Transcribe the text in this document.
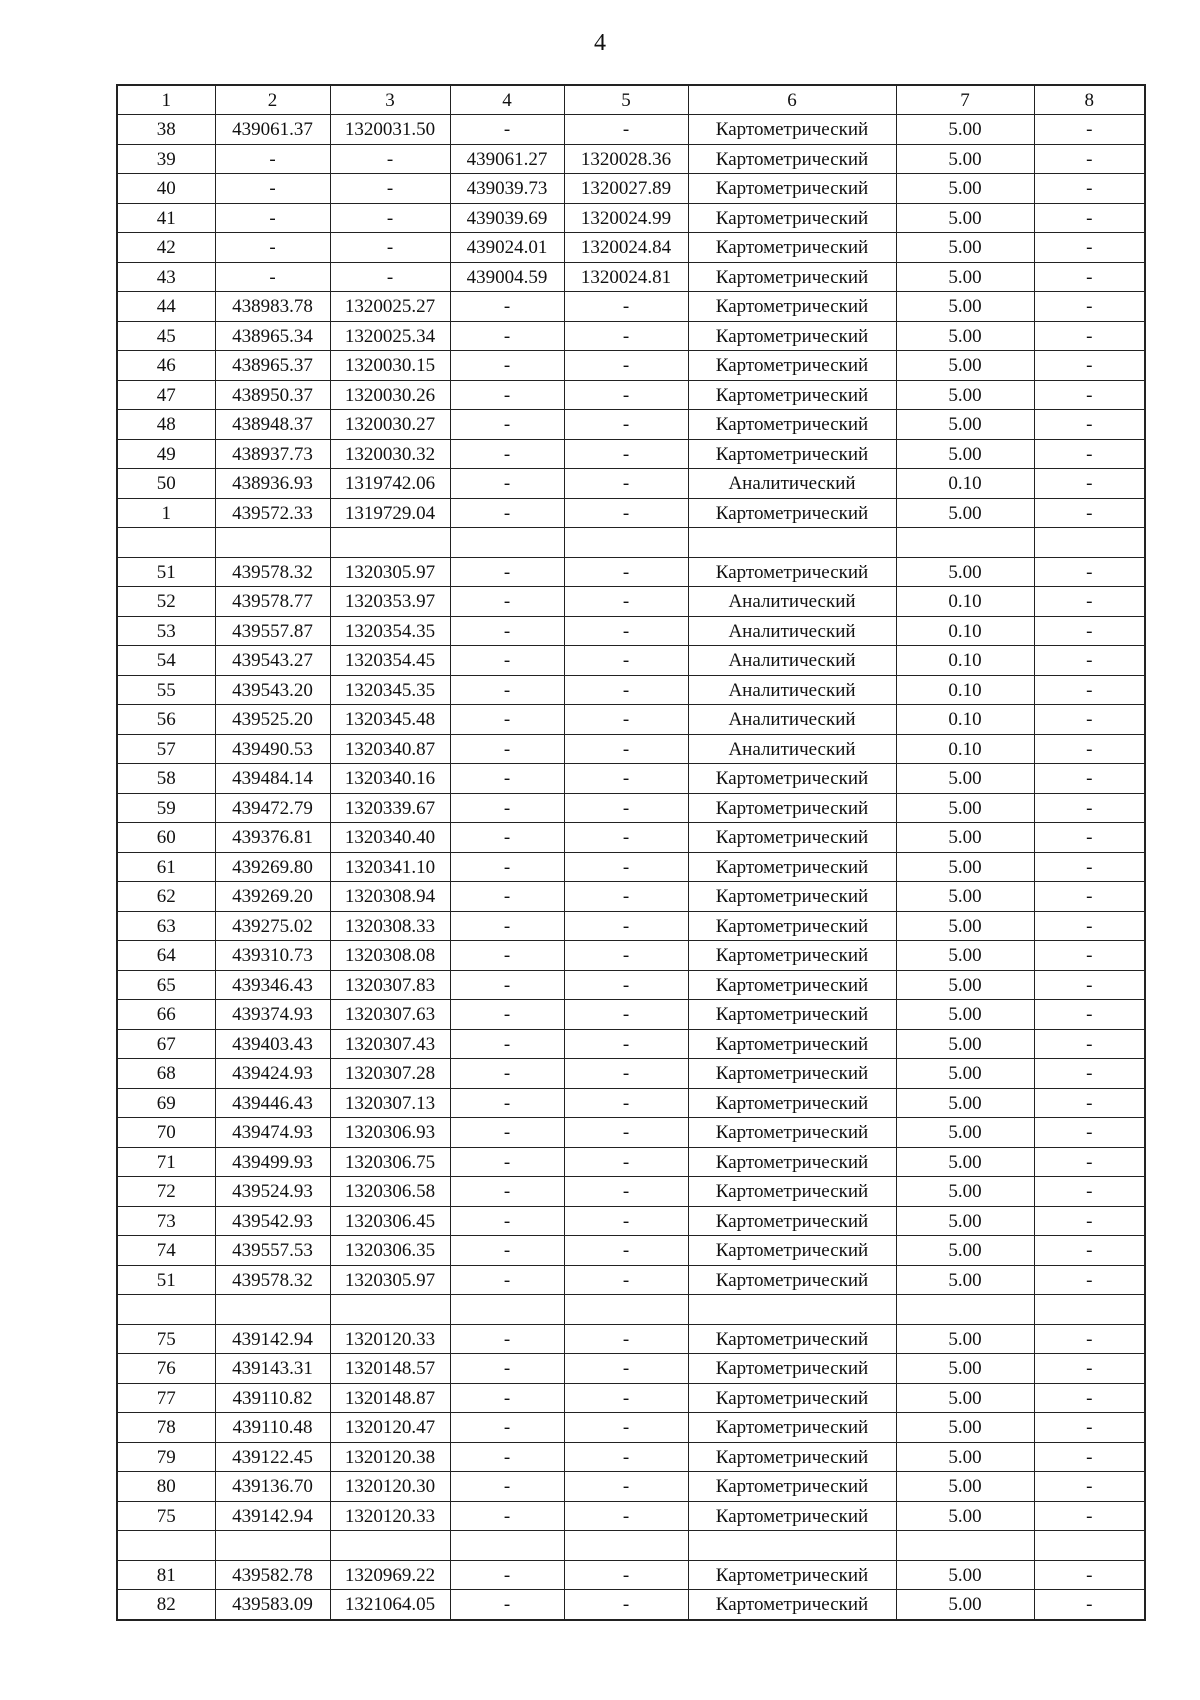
4
1	2	3	4	5	6	7	8
38	439061.37	1320031.50	-	-	Картометрический	5.00	-
39	-	-	439061.27	1320028.36	Картометрический	5.00	-
40	-	-	439039.73	1320027.89	Картометрический	5.00	-
41	-	-	439039.69	1320024.99	Картометрический	5.00	-
42	-	-	439024.01	1320024.84	Картометрический	5.00	-
43	-	-	439004.59	1320024.81	Картометрический	5.00	-
44	438983.78	1320025.27	-	-	Картометрический	5.00	-
45	438965.34	1320025.34	-	-	Картометрический	5.00	-
46	438965.37	1320030.15	-	-	Картометрический	5.00	-
47	438950.37	1320030.26	-	-	Картометрический	5.00	-
48	438948.37	1320030.27	-	-	Картометрический	5.00	-
49	438937.73	1320030.32	-	-	Картометрический	5.00	-
50	438936.93	1319742.06	-	-	Аналитический	0.10	-
1	439572.33	1319729.04	-	-	Картометрический	5.00	-

51	439578.32	1320305.97	-	-	Картометрический	5.00	-
52	439578.77	1320353.97	-	-	Аналитический	0.10	-
53	439557.87	1320354.35	-	-	Аналитический	0.10	-
54	439543.27	1320354.45	-	-	Аналитический	0.10	-
55	439543.20	1320345.35	-	-	Аналитический	0.10	-
56	439525.20	1320345.48	-	-	Аналитический	0.10	-
57	439490.53	1320340.87	-	-	Аналитический	0.10	-
58	439484.14	1320340.16	-	-	Картометрический	5.00	-
59	439472.79	1320339.67	-	-	Картометрический	5.00	-
60	439376.81	1320340.40	-	-	Картометрический	5.00	-
61	439269.80	1320341.10	-	-	Картометрический	5.00	-
62	439269.20	1320308.94	-	-	Картометрический	5.00	-
63	439275.02	1320308.33	-	-	Картометрический	5.00	-
64	439310.73	1320308.08	-	-	Картометрический	5.00	-
65	439346.43	1320307.83	-	-	Картометрический	5.00	-
66	439374.93	1320307.63	-	-	Картометрический	5.00	-
67	439403.43	1320307.43	-	-	Картометрический	5.00	-
68	439424.93	1320307.28	-	-	Картометрический	5.00	-
69	439446.43	1320307.13	-	-	Картометрический	5.00	-
70	439474.93	1320306.93	-	-	Картометрический	5.00	-
71	439499.93	1320306.75	-	-	Картометрический	5.00	-
72	439524.93	1320306.58	-	-	Картометрический	5.00	-
73	439542.93	1320306.45	-	-	Картометрический	5.00	-
74	439557.53	1320306.35	-	-	Картометрический	5.00	-
51	439578.32	1320305.97	-	-	Картометрический	5.00	-

75	439142.94	1320120.33	-	-	Картометрический	5.00	-
76	439143.31	1320148.57	-	-	Картометрический	5.00	-
77	439110.82	1320148.87	-	-	Картометрический	5.00	-
78	439110.48	1320120.47	-	-	Картометрический	5.00	-
79	439122.45	1320120.38	-	-	Картометрический	5.00	-
80	439136.70	1320120.30	-	-	Картометрический	5.00	-
75	439142.94	1320120.33	-	-	Картометрический	5.00	-

81	439582.78	1320969.22	-	-	Картометрический	5.00	-
82	439583.09	1321064.05	-	-	Картометрический	5.00	-
